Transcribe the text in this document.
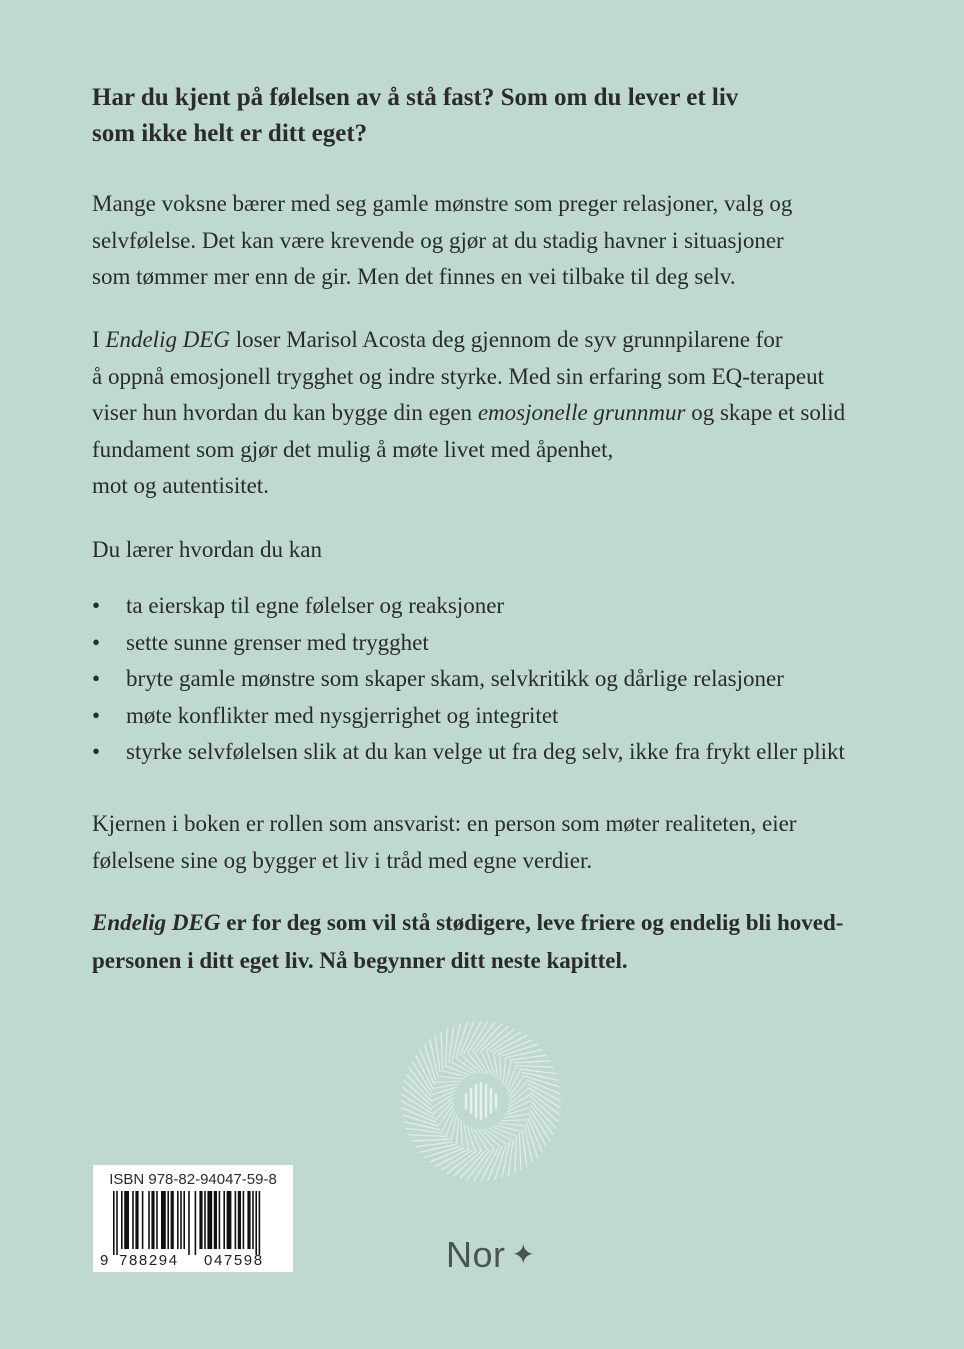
Har du kjent på følelsen av å stå fast? Som om du lever et liv
som ikke helt er ditt eget?
Mange voksne bærer med seg gamle mønstre som preger relasjoner, valg og
selvfølelse. Det kan være krevende og gjør at du stadig havner i situasjoner
som tømmer mer enn de gir. Men det finnes en vei tilbake til deg selv.
I Endelig DEG loser Marisol Acosta deg gjennom de syv grunnpilarene for
å oppnå emosjonell trygghet og indre styrke. Med sin erfaring som EQ-terapeut
viser hun hvordan du kan bygge din egen emosjonelle grunnmur og skape et solid
fundament som gjør det mulig å møte livet med åpenhet,
mot og autentisitet.
Du lærer hvordan du kan
• ta eierskap til egne følelser og reaksjoner
• sette sunne grenser med trygghet
• bryte gamle mønstre som skaper skam, selvkritikk og dårlige relasjoner
• møte konflikter med nysgjerrighet og integritet
• styrke selvfølelsen slik at du kan velge ut fra deg selv, ikke fra frykt eller plikt
Kjernen i boken er rollen som ansvarist: en person som møter realiteten, eier
følelsene sine og bygger et liv i tråd med egne verdier.
Endelig DEG er for deg som vil stå stødigere, leve friere og endelig bli hoved-
personen i ditt eget liv. Nå begynner ditt neste kapittel.
ISBN 978-82-94047-59-8
9 788294 047598	Nor ✦
